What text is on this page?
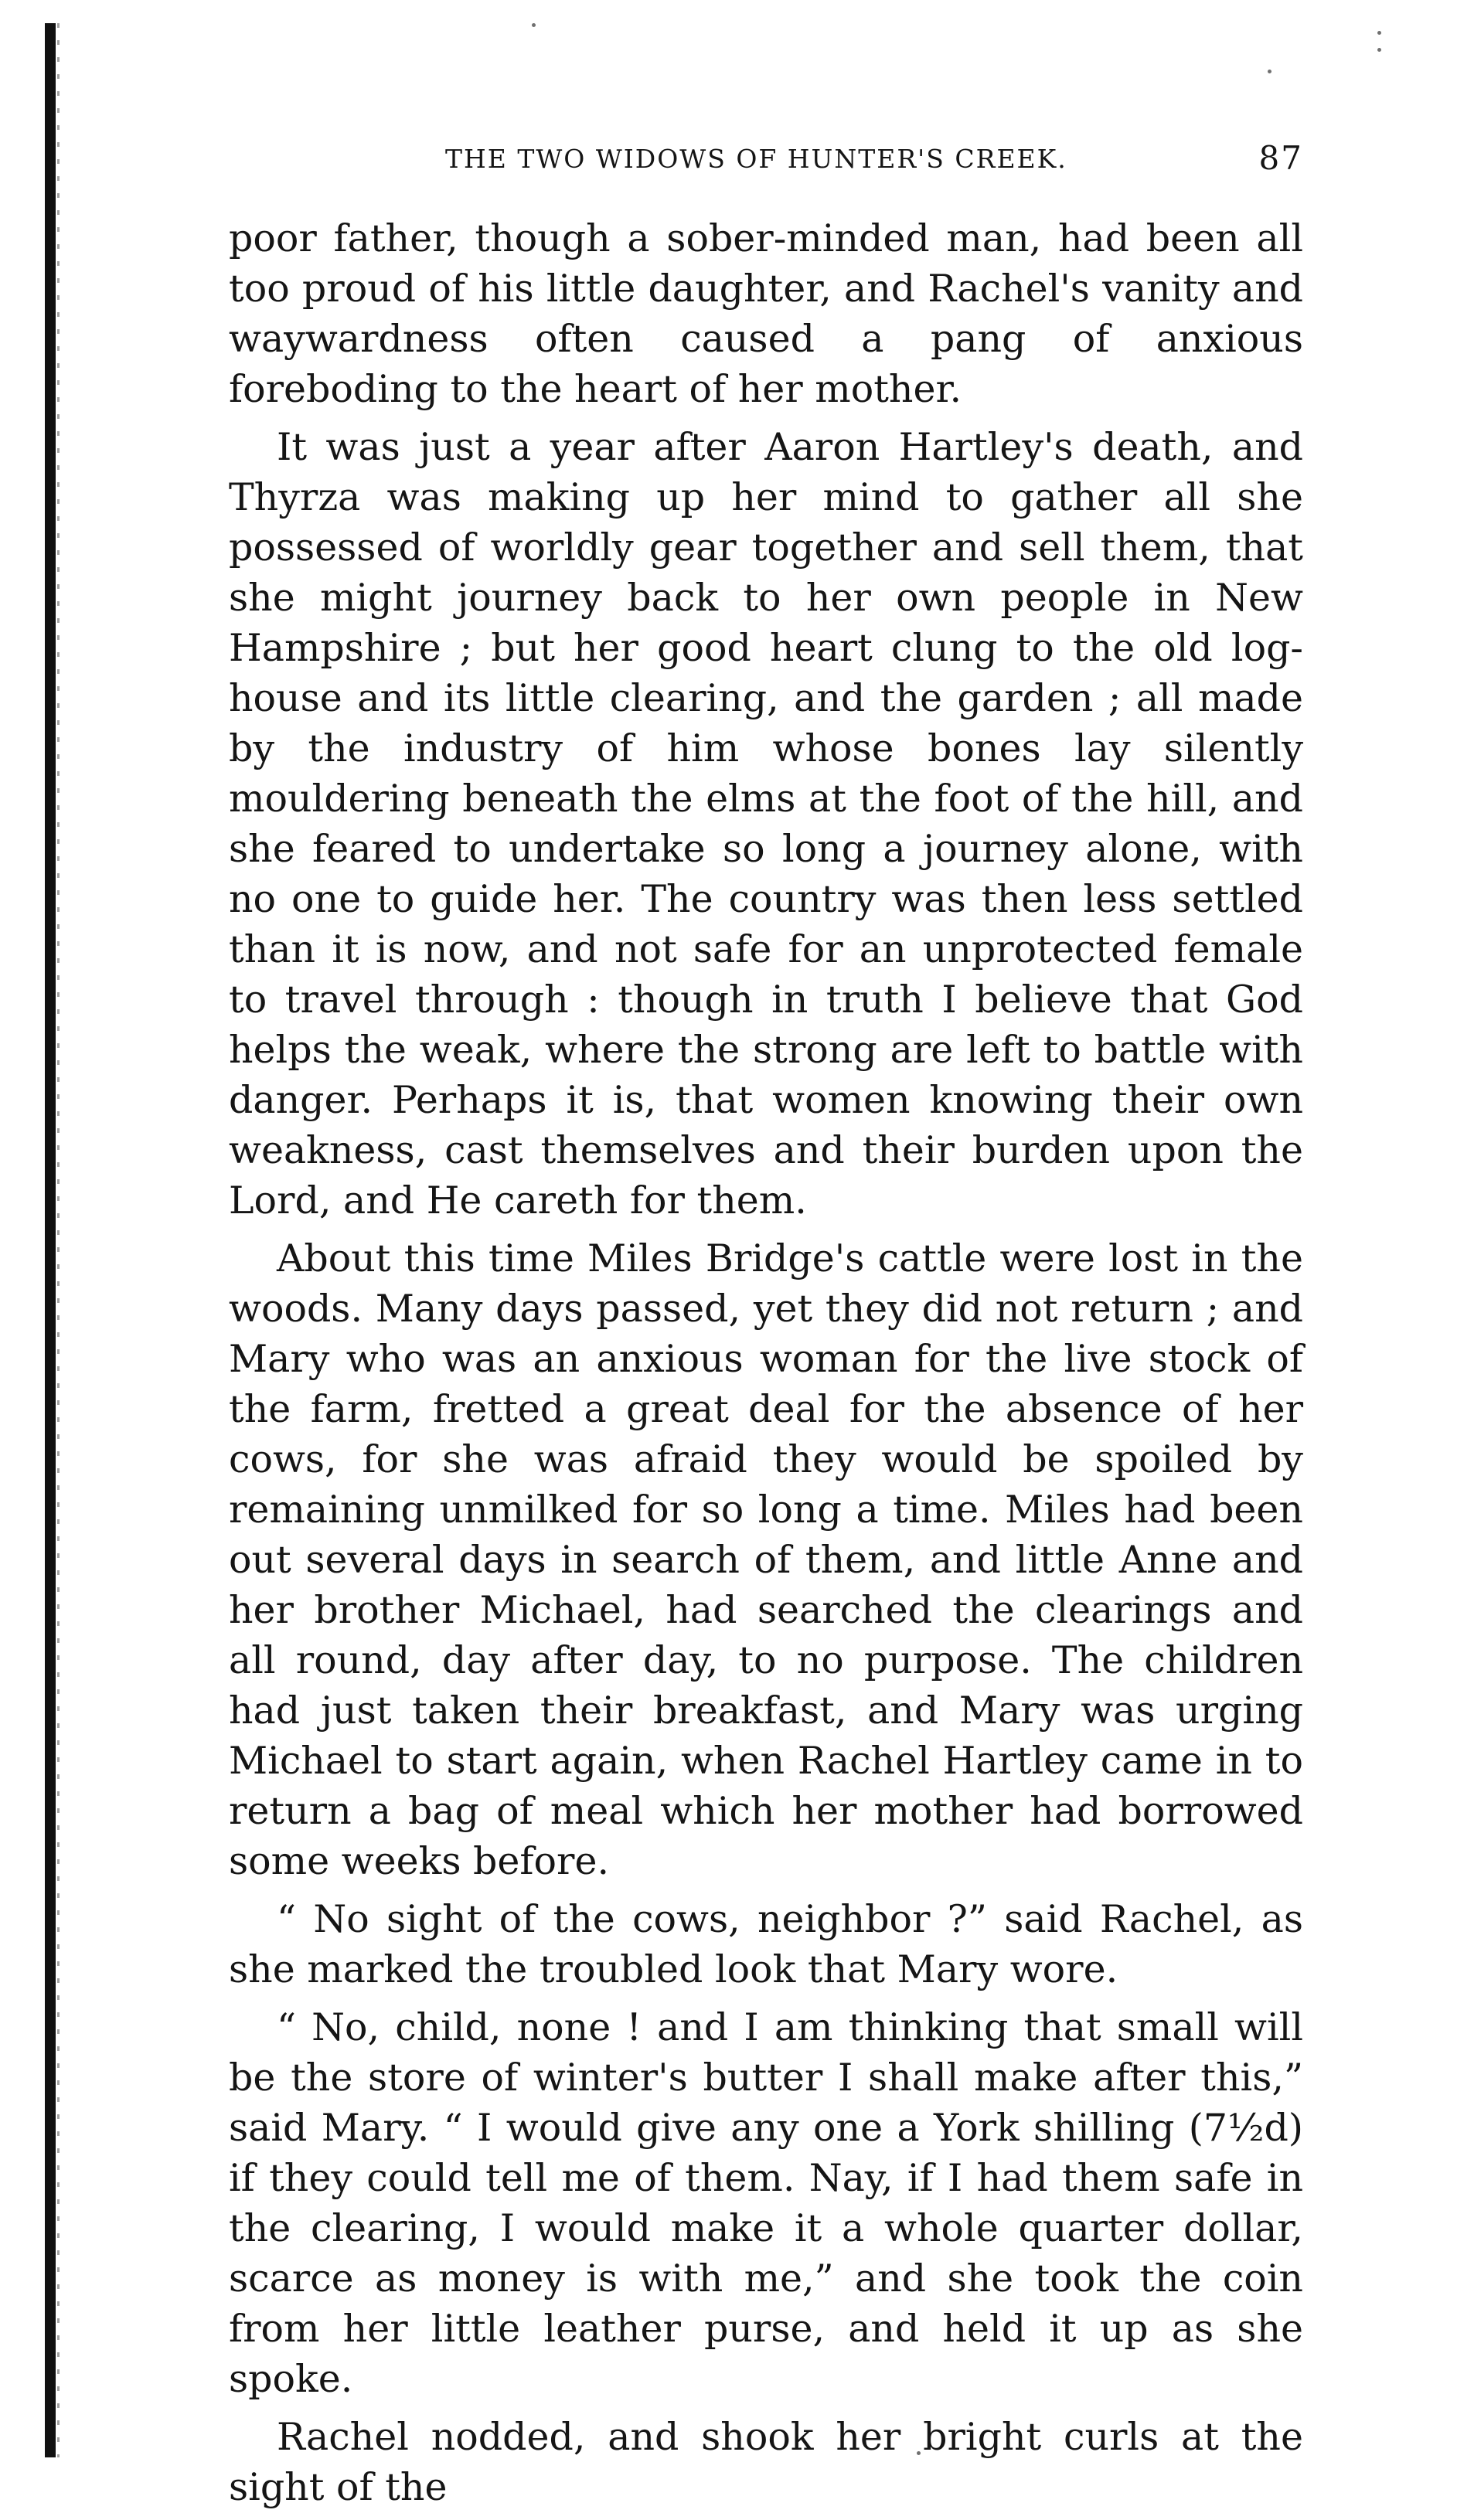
THE TWO WIDOWS OF HUNTER'S CREEK.	87

poor father, though a sober-minded man, had been all too proud of his little daughter, and Rachel's vanity and waywardness often caused a pang of anxious foreboding to the heart of her mother.

It was just a year after Aaron Hartley's death, and Thyrza was making up her mind to gather all she possessed of worldly gear together and sell them, that she might journey back to her own people in New Hampshire ; but her good heart clung to the old log-house and its little clearing, and the garden ; all made by the industry of him whose bones lay silently mouldering beneath the elms at the foot of the hill, and she feared to undertake so long a journey alone, with no one to guide her. The country was then less settled than it is now, and not safe for an unprotected female to travel through : though in truth I believe that God helps the weak, where the strong are left to battle with danger. Perhaps it is, that women knowing their own weakness, cast themselves and their burden upon the Lord, and He careth for them.

About this time Miles Bridge's cattle were lost in the woods. Many days passed, yet they did not return ; and Mary who was an anxious woman for the live stock of the farm, fretted a great deal for the absence of her cows, for she was afraid they would be spoiled by remaining unmilked for so long a time. Miles had been out several days in search of them, and little Anne and her brother Michael, had searched the clearings and all round, day after day, to no purpose. The children had just taken their breakfast, and Mary was urging Michael to start again, when Rachel Hartley came in to return a bag of meal which her mother had borrowed some weeks before.

“ No sight of the cows, neighbor ?” said Rachel, as she marked the troubled look that Mary wore.

“ No, child, none ! and I am thinking that small will be the store of winter's butter I shall make after this,” said Mary. “ I would give any one a York shilling (7½d) if they could tell me of them. Nay, if I had them safe in the clearing, I would make it a whole quarter dollar, scarce as money is with me,” and she took the coin from her little leather purse, and held it up as she spoke.

Rachel nodded, and shook her bright curls at the sight of the
